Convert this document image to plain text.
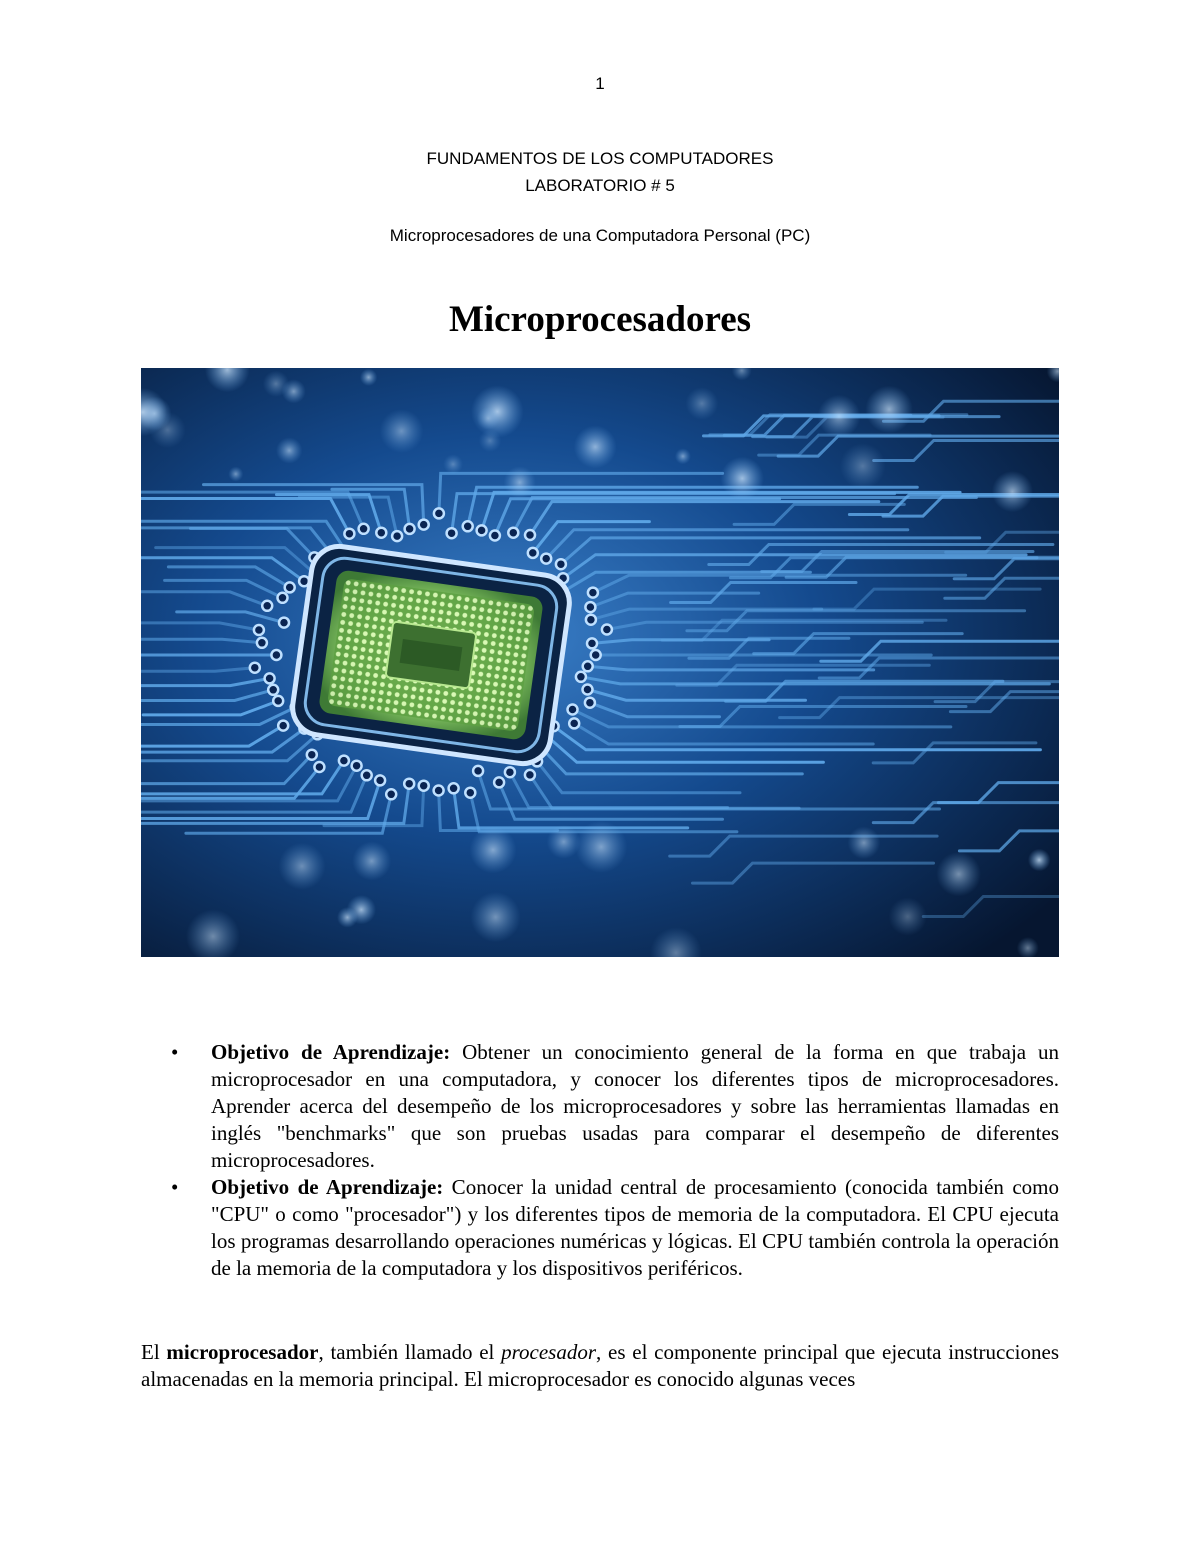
1
FUNDAMENTOS DE LOS COMPUTADORES
LABORATORIO # 5
Microprocesadores de una Computadora Personal (PC)
Microprocesadores
• Objetivo de Aprendizaje: Obtener un conocimiento general de la forma en que trabaja un microprocesador en una computadora, y conocer los diferentes tipos de microprocesadores. Aprender acerca del desempeño de los microprocesadores y sobre las herramientas llamadas en inglés "benchmarks" que son pruebas usadas para comparar el desempeño de diferentes microprocesadores.
• Objetivo de Aprendizaje: Conocer la unidad central de procesamiento (conocida también como "CPU" o como "procesador") y los diferentes tipos de memoria de la computadora. El CPU ejecuta los programas desarrollando operaciones numéricas y lógicas. El CPU también controla la operación de la memoria de la computadora y los dispositivos periféricos.

El microprocesador, también llamado el procesador, es el componente principal que ejecuta instrucciones almacenadas en la memoria principal. El microprocesador es conocido algunas veces
